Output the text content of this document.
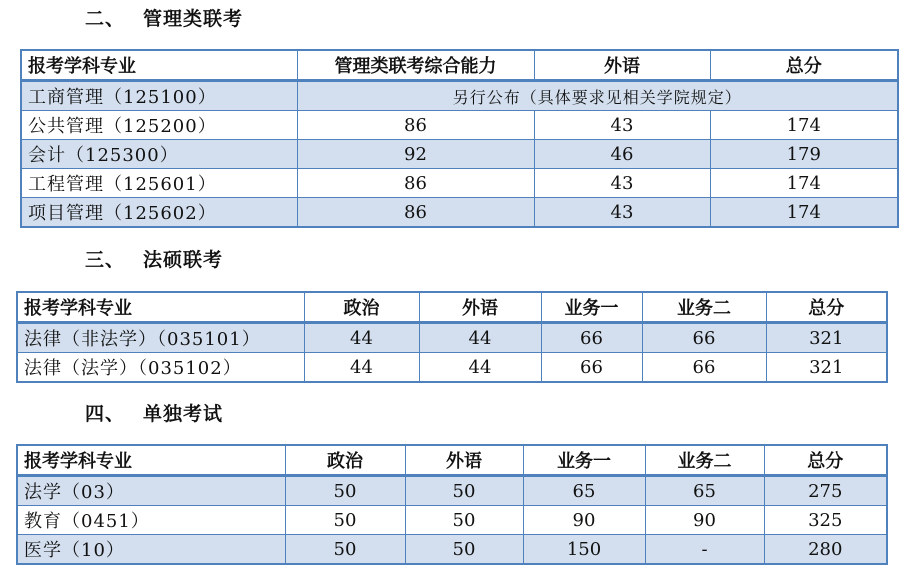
二、 管理类联考
报考学科专业	管理类联考综合能力	外语	总分
工商管理（125100）	另行公布（具体要求见相关学院规定）		
公共管理（125200）	86	43	174
会计（125300）	92	46	179
工程管理（125601）	86	43	174
项目管理（125602）	86	43	174
三、 法硕联考
报考学科专业	政治	外语	业务一	业务二	总分
法律（非法学）（035101）	44	44	66	66	321
法律（法学）（035102）	44	44	66	66	321
四、 单独考试
报考学科专业	政治	外语	业务一	业务二	总分
法学（03）	50	50	65	65	275
教育（0451）	50	50	90	90	325
医学（10）	50	50	150	-	280
